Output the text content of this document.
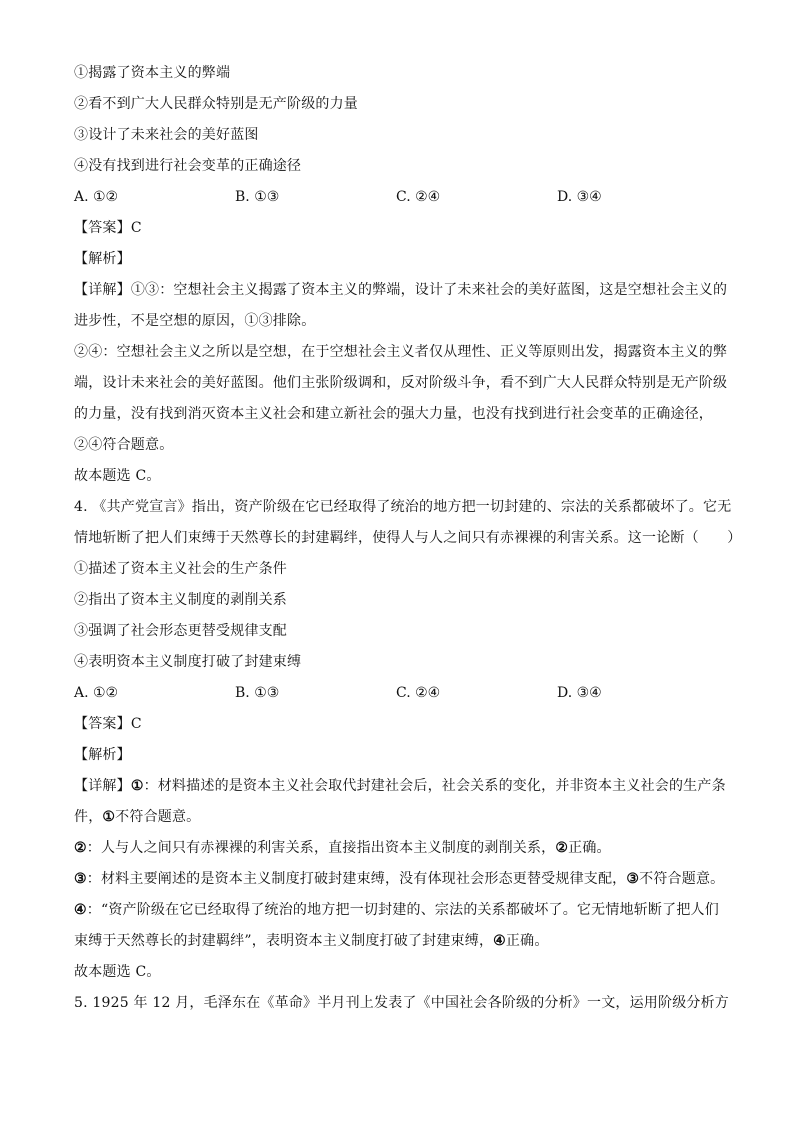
①揭露了资本主义的弊端
②看不到广大人民群众特别是无产阶级的力量
③设计了未来社会的美好蓝图
④没有找到进行社会变革的正确途径
A. ①②	B. ①③	C. ②④	D. ③④
【答案】C
【解析】
【详解】①③：空想社会主义揭露了资本主义的弊端，设计了未来社会的美好蓝图，这是空想社会主义的
进步性，不是空想的原因，①③排除。
②④：空想社会主义之所以是空想，在于空想社会主义者仅从理性、正义等原则出发，揭露资本主义的弊
端，设计未来社会的美好蓝图。他们主张阶级调和，反对阶级斗争，看不到广大人民群众特别是无产阶级
的力量，没有找到消灭资本主义社会和建立新社会的强大力量，也没有找到进行社会变革的正确途径，
②④符合题意。
故本题选 C。
4. 《共产党宣言》指出，资产阶级在它已经取得了统治的地方把一切封建的、宗法的关系都破坏了。它无
情地斩断了把人们束缚于天然尊长的封建羁绊，使得人与人之间只有赤裸裸的利害关系。这一论断（　　）
①描述了资本主义社会的生产条件
②指出了资本主义制度的剥削关系
③强调了社会形态更替受规律支配
④表明资本主义制度打破了封建束缚
A. ①②	B. ①③	C. ②④	D. ③④
【答案】C
【解析】
【详解】①：材料描述的是资本主义社会取代封建社会后，社会关系的变化，并非资本主义社会的生产条
件，①不符合题意。
②：人与人之间只有赤裸裸的利害关系，直接指出资本主义制度的剥削关系，②正确。
③：材料主要阐述的是资本主义制度打破封建束缚，没有体现社会形态更替受规律支配，③不符合题意。
④：“资产阶级在它已经取得了统治的地方把一切封建的、宗法的关系都破坏了。它无情地斩断了把人们
束缚于天然尊长的封建羁绊”，表明资本主义制度打破了封建束缚，④正确。
故本题选 C。
5. 1925 年 12 月，毛泽东在《革命》半月刊上发表了《中国社会各阶级的分析》一文，运用阶级分析方
